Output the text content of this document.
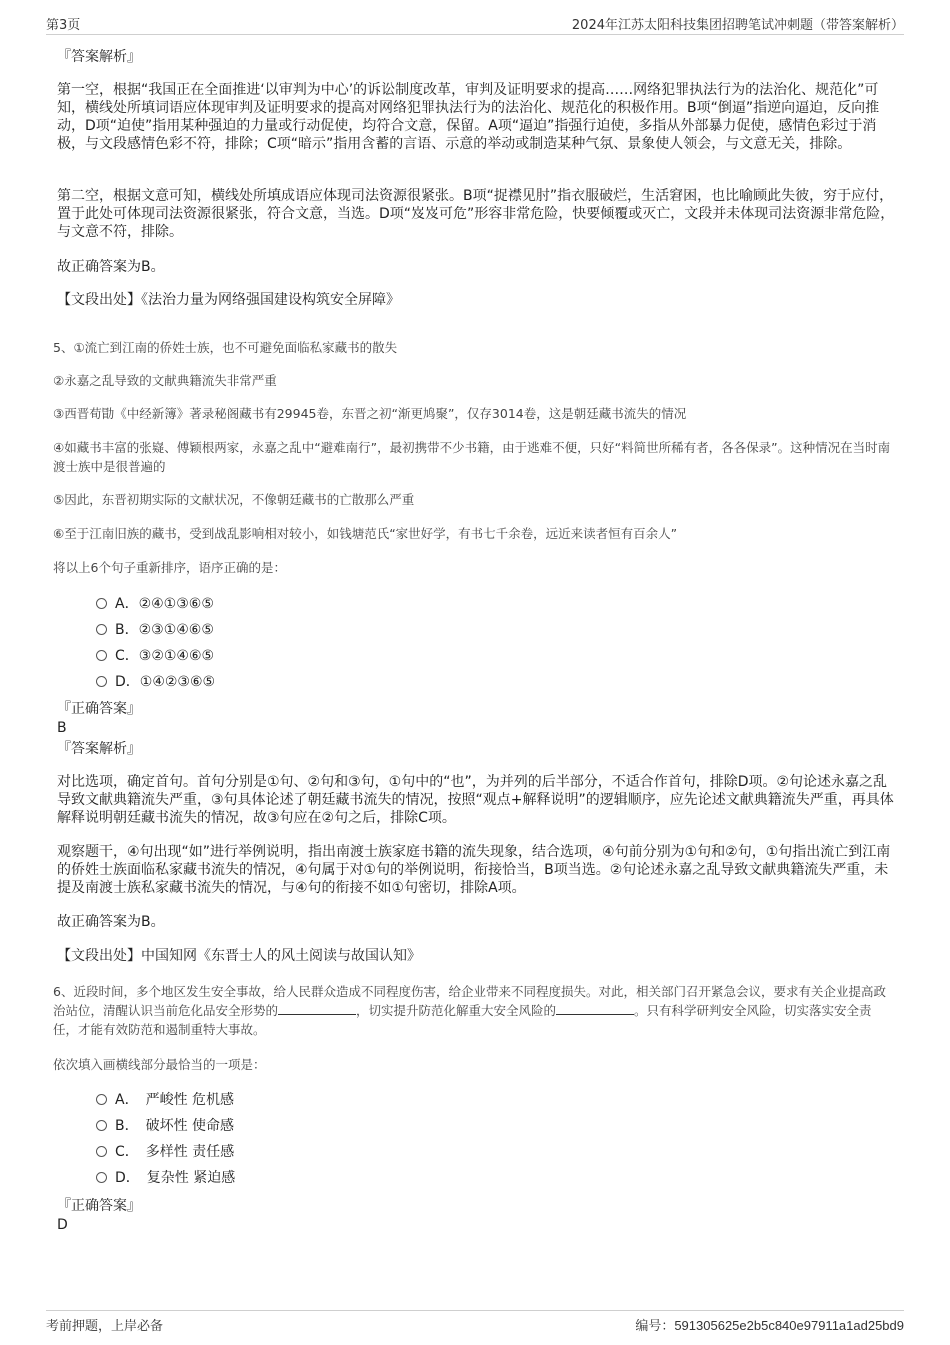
第3页	2024年江苏太阳科技集团招聘笔试冲刺题（带答案解析）
『答案解析』
第一空，根据“我国正在全面推进‘以审判为中心’的诉讼制度改革，审判及证明要求的提高……网络犯罪执法行为的法治化、规范化”可知，横线处所填词语应体现审判及证明要求的提高对网络犯罪执法行为的法治化、规范化的积极作用。B项“倒逼”指逆向逼迫，反向推动，D项“迫使”指用某种强迫的力量或行动促使，均符合文意，保留。A项“逼迫”指强行迫使，多指从外部暴力促使，感情色彩过于消极，与文段感情色彩不符，排除；C项“暗示”指用含蓄的言语、示意的举动或制造某种气氛、景象使人领会，与文意无关，排除。
第二空，根据文意可知，横线处所填成语应体现司法资源很紧张。B项“捉襟见肘”指衣服破烂，生活窘困，也比喻顾此失彼，穷于应付，置于此处可体现司法资源很紧张，符合文意，当选。D项“岌岌可危”形容非常危险，快要倾覆或灭亡，文段并未体现司法资源非常危险，与文意不符，排除。
故正确答案为B。
【文段出处】《法治力量为网络强国建设构筑安全屏障》
5、①流亡到江南的侨姓士族，也不可避免面临私家藏书的散失
②永嘉之乱导致的文献典籍流失非常严重
③西晋荀勖《中经新簿》著录秘阁藏书有29945卷，东晋之初“渐更鸠聚”，仅存3014卷，这是朝廷藏书流失的情况
④如藏书丰富的张嶷、傅颖根两家，永嘉之乱中“避难南行”，最初携带不少书籍，由于逃难不便，只好“料简世所稀有者，各各保录”。这种情况在当时南渡士族中是很普遍的
⑤因此，东晋初期实际的文献状况，不像朝廷藏书的亡散那么严重
⑥至于江南旧族的藏书，受到战乱影响相对较小，如钱塘范氏“家世好学，有书七千余卷，远近来读者恒有百余人”
将以上6个句子重新排序，语序正确的是：
A．②④①③⑥⑤
B．②③①④⑥⑤
C．③②①④⑥⑤
D．①④②③⑥⑤
『正确答案』
B
『答案解析』
对比选项，确定首句。首句分别是①句、②句和③句，①句中的“也”，为并列的后半部分，不适合作首句，排除D项。②句论述永嘉之乱导致文献典籍流失严重，③句具体论述了朝廷藏书流失的情况，按照“观点+解释说明”的逻辑顺序，应先论述文献典籍流失严重，再具体解释说明朝廷藏书流失的情况，故③句应在②句之后，排除C项。
观察题干，④句出现“如”进行举例说明，指出南渡士族家庭书籍的流失现象，结合选项，④句前分别为①句和②句，①句指出流亡到江南的侨姓士族面临私家藏书流失的情况，④句属于对①句的举例说明，衔接恰当，B项当选。②句论述永嘉之乱导致文献典籍流失严重，未提及南渡士族私家藏书流失的情况，与④句的衔接不如①句密切，排除A项。
故正确答案为B。
【文段出处】中国知网《东晋士人的风土阅读与故国认知》
6、近段时间，多个地区发生安全事故，给人民群众造成不同程度伤害，给企业带来不同程度损失。对此，相关部门召开紧急会议，要求有关企业提高政治站位，清醒认识当前危化品安全形势的	，切实提升防范化解重大安全风险的	。只有科学研判安全风险，切实落实安全责任，才能有效防范和遏制重特大事故。
依次填入画横线部分最恰当的一项是：
A．　严峻性 危机感
B．　破坏性 使命感
C．　多样性 责任感
D．　复杂性 紧迫感
『正确答案』
D
考前押题，上岸必备	编号：591305625e2b5c840e97911a1ad25bd9
